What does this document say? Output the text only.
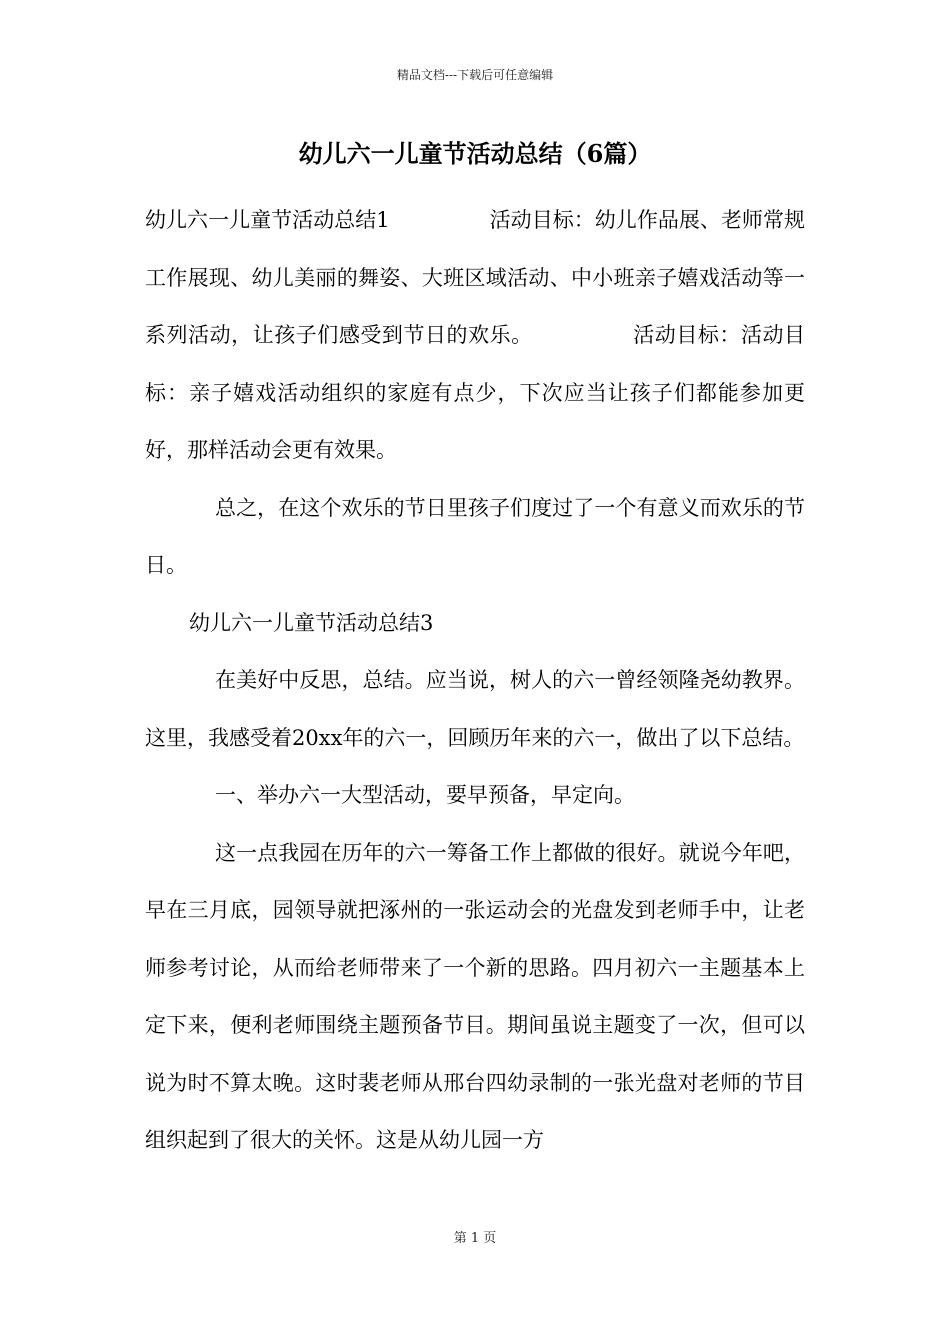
精品文档---下载后可任意编辑
幼儿六一儿童节活动总结（6篇）

幼儿六一儿童节活动总结1	活动目标：幼儿作品展、老师常规工作展现、幼儿美丽的舞姿、大班区域活动、中小班亲子嬉戏活动等一系列活动，让孩子们感受到节日的欢乐。	活动目标：活动目标：亲子嬉戏活动组织的家庭有点少，下次应当让孩子们都能参加更好，那样活动会更有效果。

总之，在这个欢乐的节日里孩子们度过了一个有意义而欢乐的节日。

幼儿六一儿童节活动总结3

在美好中反思，总结。应当说，树人的六一曾经领隆尧幼教界。这里，我感受着20xx年的六一，回顾历年来的六一，做出了以下总结。

一、举办六一大型活动，要早预备，早定向。

这一点我园在历年的六一筹备工作上都做的很好。就说今年吧，早在三月底，园领导就把涿州的一张运动会的光盘发到老师手中，让老师参考讨论，从而给老师带来了一个新的思路。四月初六一主题基本上定下来，便利老师围绕主题预备节目。期间虽说主题变了一次，但可以说为时不算太晚。这时裴老师从邢台四幼录制的一张光盘对老师的节目组织起到了很大的关怀。这是从幼儿园一方

第 1 页
